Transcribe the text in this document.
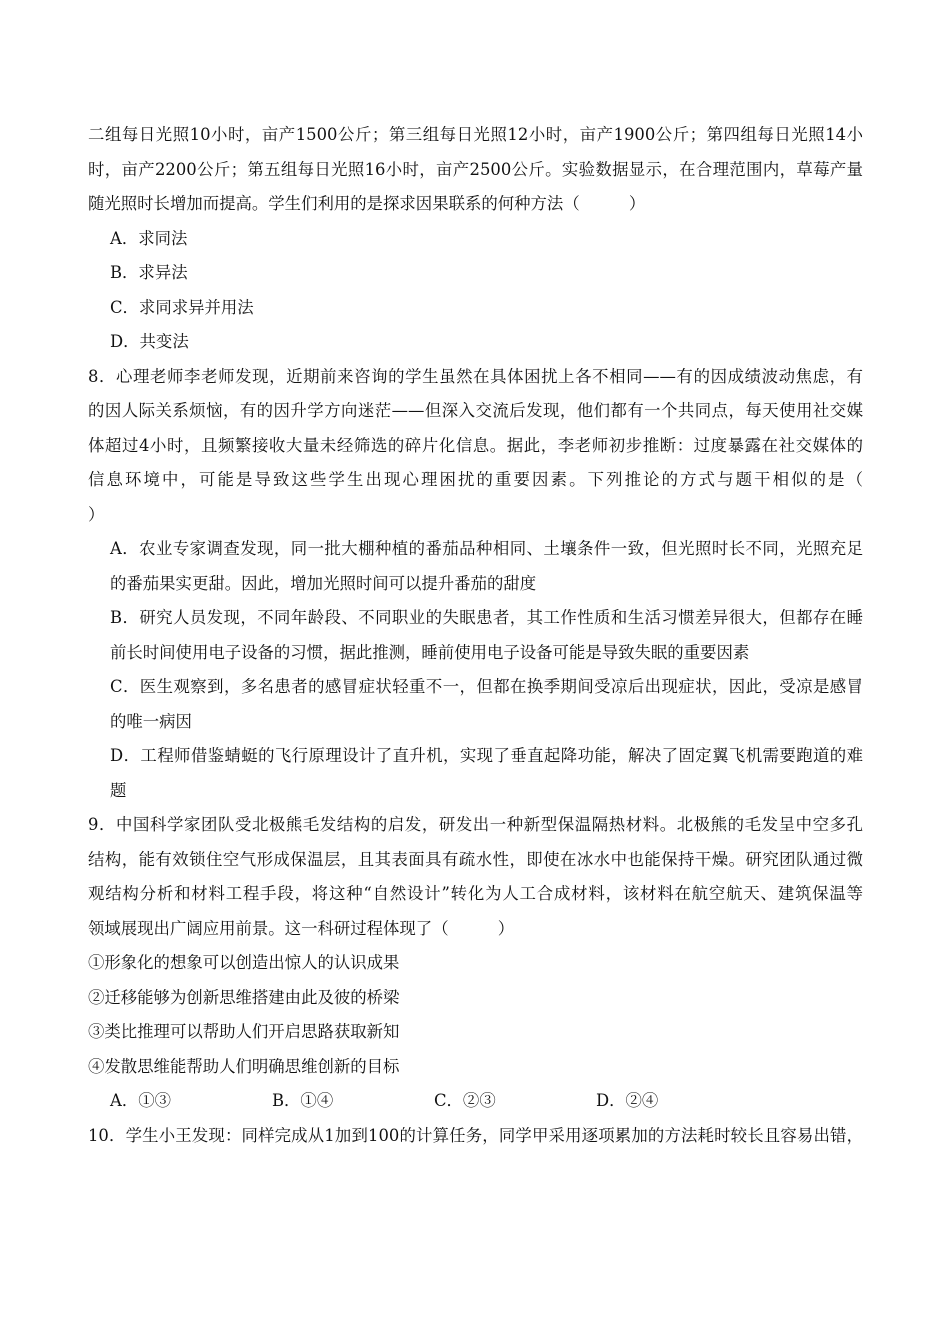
二组每日光照10小时，亩产1500公斤；第三组每日光照12小时，亩产1900公斤；第四组每日光照14小
时，亩产2200公斤；第五组每日光照16小时，亩产2500公斤。实验数据显示，在合理范围内，草莓产量
随光照时长增加而提高。学生们利用的是探求因果联系的何种方法（　　　）
A．求同法
B．求异法
C．求同求异并用法
D．共变法
8．心理老师李老师发现，近期前来咨询的学生虽然在具体困扰上各不相同——有的因成绩波动焦虑，有
的因人际关系烦恼，有的因升学方向迷茫——但深入交流后发现，他们都有一个共同点，每天使用社交媒
体超过4小时，且频繁接收大量未经筛选的碎片化信息。据此，李老师初步推断：过度暴露在社交媒体的
信息环境中，可能是导致这些学生出现心理困扰的重要因素。下列推论的方式与题干相似的是（
）
A．农业专家调查发现，同一批大棚种植的番茄品种相同、土壤条件一致，但光照时长不同，光照充足
的番茄果实更甜。因此，增加光照时间可以提升番茄的甜度
B．研究人员发现，不同年龄段、不同职业的失眠患者，其工作性质和生活习惯差异很大，但都存在睡
前长时间使用电子设备的习惯，据此推测，睡前使用电子设备可能是导致失眠的重要因素
C．医生观察到，多名患者的感冒症状轻重不一，但都在换季期间受凉后出现症状，因此，受凉是感冒
的唯一病因
D．工程师借鉴蜻蜓的飞行原理设计了直升机，实现了垂直起降功能，解决了固定翼飞机需要跑道的难
题
9．中国科学家团队受北极熊毛发结构的启发，研发出一种新型保温隔热材料。北极熊的毛发呈中空多孔
结构，能有效锁住空气形成保温层，且其表面具有疏水性，即使在冰水中也能保持干燥。研究团队通过微
观结构分析和材料工程手段，将这种“自然设计”转化为人工合成材料，该材料在航空航天、建筑保温等
领域展现出广阔应用前景。这一科研过程体现了（　　　）
①形象化的想象可以创造出惊人的认识成果
②迁移能够为创新思维搭建由此及彼的桥梁
③类比推理可以帮助人们开启思路获取新知
④发散思维能帮助人们明确思维创新的目标
A．①③	B．①④	C．②③	D．②④
10．学生小王发现：同样完成从1加到100的计算任务，同学甲采用逐项累加的方法耗时较长且容易出错，
